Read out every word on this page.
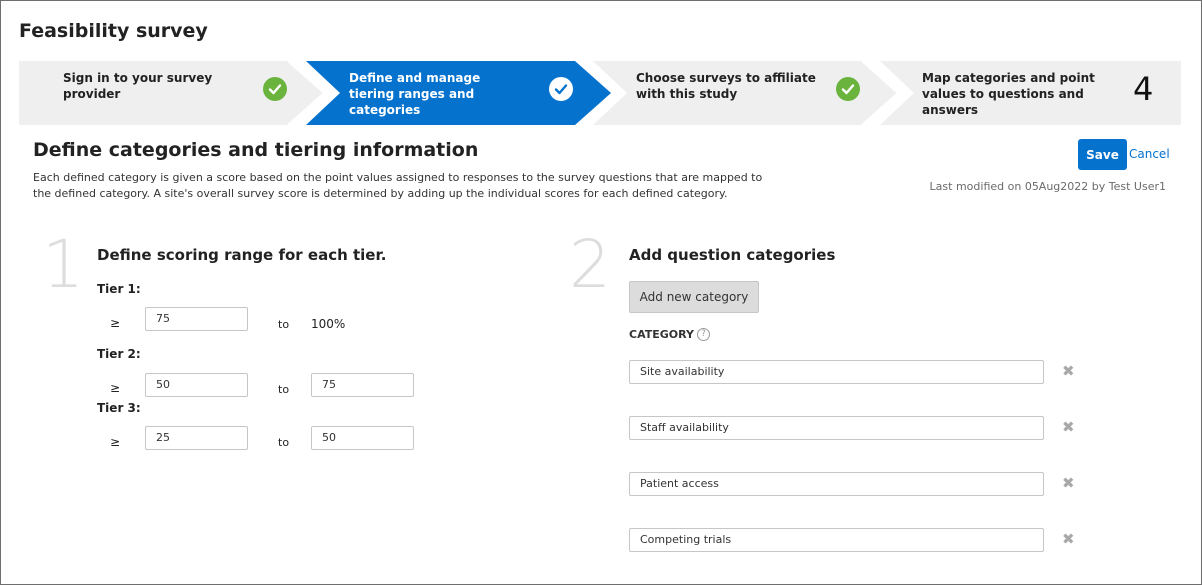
Feasibility survey
Sign in to your survey provider
Define and manage tiering ranges and categories
Choose surveys to affiliate with this study
Map categories and point values to questions and answers
4
Define categories and tiering information
Each defined category is given a score based on the point values assigned to responses to the survey questions that are mapped to the defined category. A site's overall survey score is determined by adding up the individual scores for each defined category.
Save Cancel
Last modified on 05Aug2022 by Test User1
1 Define scoring range for each tier.
Tier 1:
≥	75	to 100%
Tier 2:
≥	50	to	75
Tier 3:
≥	25	to	50
2 Add question categories
Add new category
CATEGORY ?
Site availability	✖
Staff availability	✖
Patient access	✖
Competing trials	✖
